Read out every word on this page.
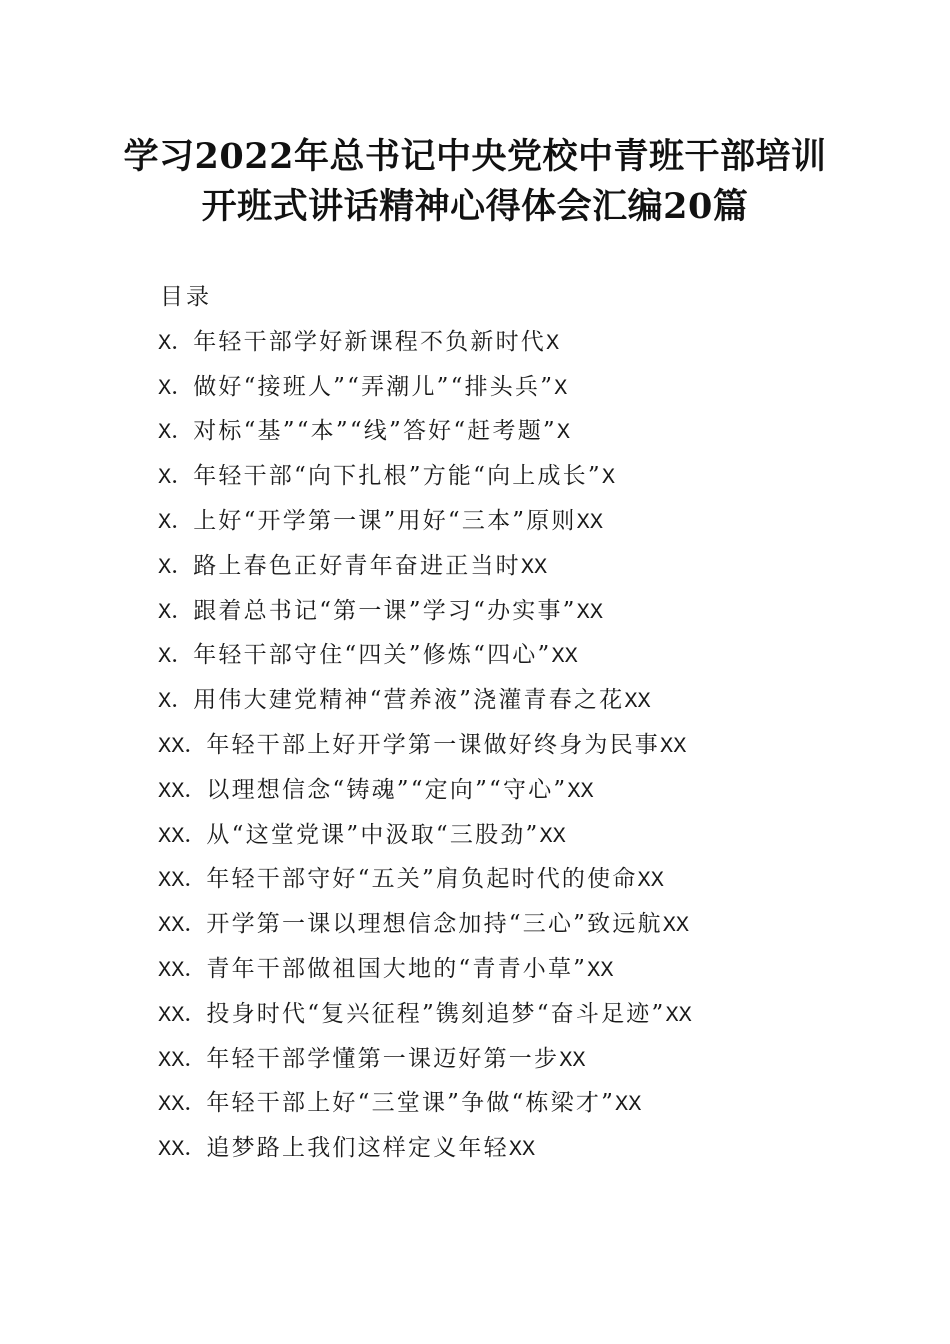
学习2022年总书记中央党校中青班干部培训
开班式讲话精神心得体会汇编20篇
目录
X．年轻干部学好新课程不负新时代X
X．做好“接班人”“弄潮儿”“排头兵”X
X．对标“基”“本”“线”答好“赶考题”X
X．年轻干部“向下扎根”方能“向上成长”X
X．上好“开学第一课”用好“三本”原则XX
X．路上春色正好青年奋进正当时XX
X．跟着总书记“第一课”学习“办实事”XX
X．年轻干部守住“四关”修炼“四心”XX
X．用伟大建党精神“营养液”浇灌青春之花XX
XX．年轻干部上好开学第一课做好终身为民事XX
XX．以理想信念“铸魂”“定向”“守心”XX
XX．从“这堂党课”中汲取“三股劲”XX
XX．年轻干部守好“五关”肩负起时代的使命XX
XX．开学第一课以理想信念加持“三心”致远航XX
XX．青年干部做祖国大地的“青青小草”XX
XX．投身时代“复兴征程”镌刻追梦“奋斗足迹”XX
XX．年轻干部学懂第一课迈好第一步XX
XX．年轻干部上好“三堂课”争做“栋梁才”XX
XX．追梦路上我们这样定义年轻XX
